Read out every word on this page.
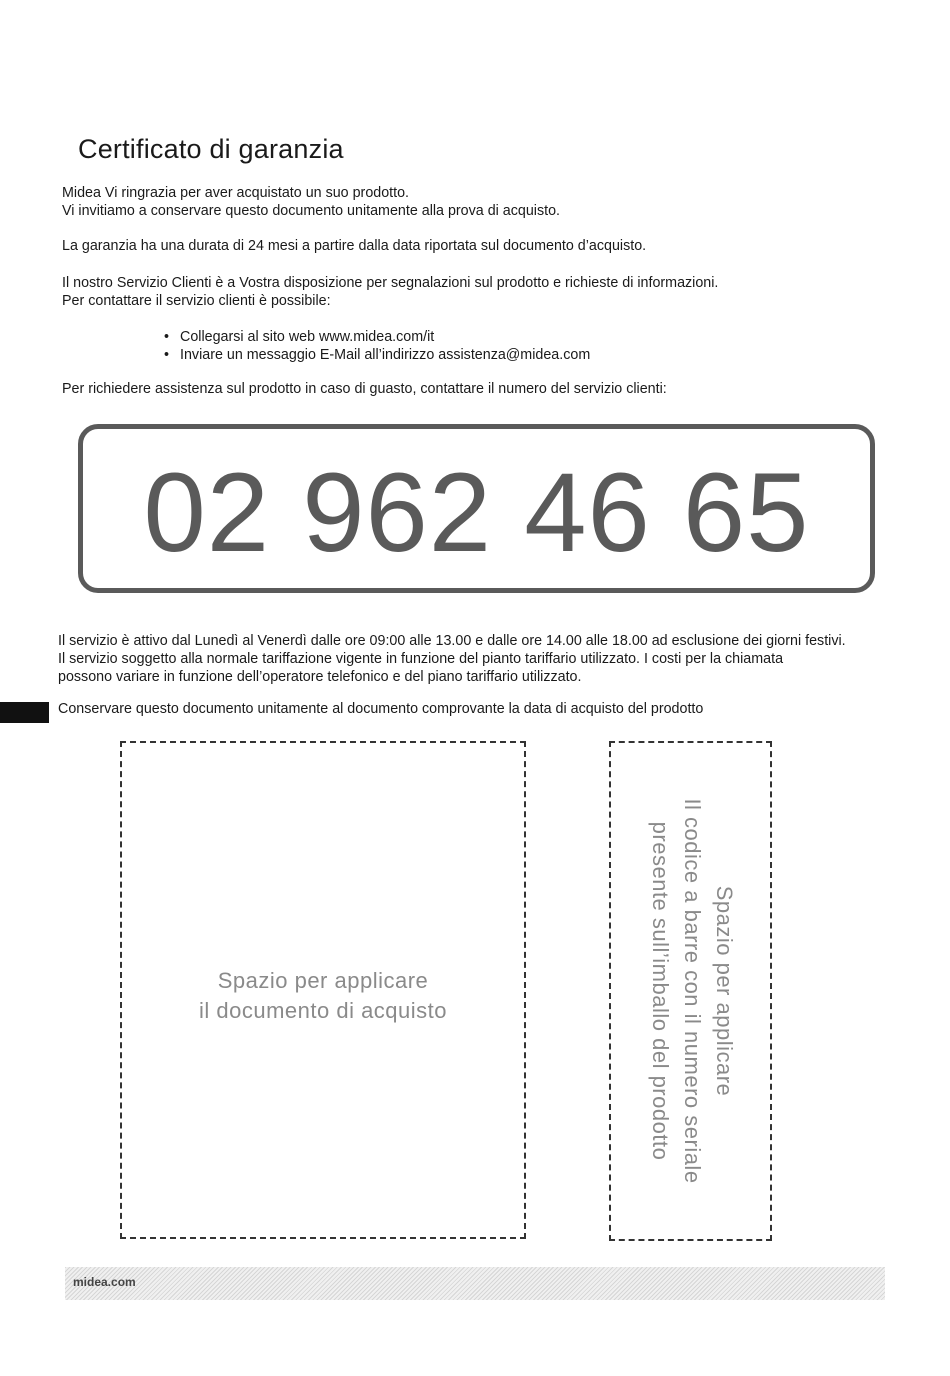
Certificato di garanzia
Midea Vi ringrazia per aver acquistato un suo prodotto.
Vi invitiamo a conservare questo documento unitamente alla prova di acquisto.
La garanzia ha una durata di 24 mesi a partire dalla data riportata sul documento d’acquisto.
Il nostro Servizio Clienti è a Vostra disposizione per segnalazioni sul prodotto e richieste di informazioni.
Per contattare il servizio clienti è possibile:
• Collegarsi al sito web www.midea.com/it
• Inviare un messaggio E-Mail all’indirizzo assistenza@midea.com
Per richiedere assistenza sul prodotto in caso di guasto, contattare il numero del servizio clienti:
02 962 46 65
Il servizio è attivo dal Lunedì al Venerdì dalle ore 09:00 alle 13.00 e dalle ore 14.00 alle 18.00 ad esclusione dei giorni festivi.
Il servizio soggetto alla normale tariffazione vigente in funzione del pianto tariffario utilizzato. I costi per la chiamata
possono variare in funzione dell’operatore telefonico e del piano tariffario utilizzato.
Conservare questo documento unitamente al documento comprovante la data di acquisto del prodotto
Spazio per applicare
il documento di acquisto	Spazio per applicare
Il codice a barre con il numero seriale
presente sull’imballo del prodotto
midea.com
